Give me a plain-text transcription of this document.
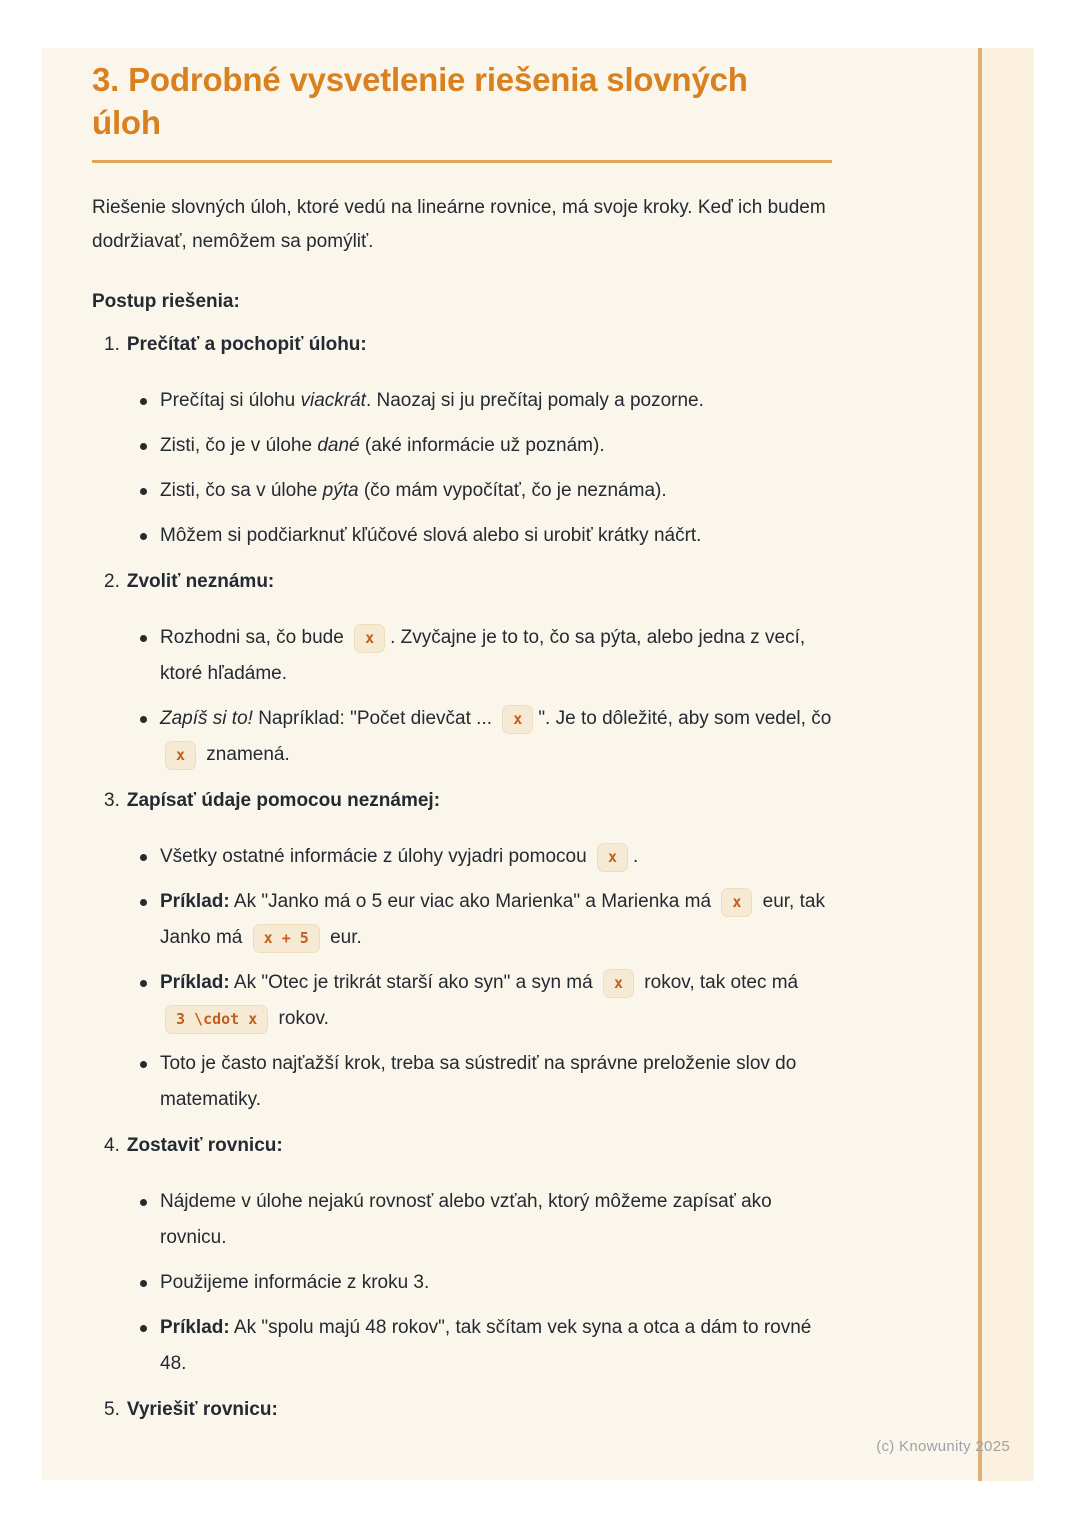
3. Podrobné vysvetlenie riešenia slovných úloh

Riešenie slovných úloh, ktoré vedú na lineárne rovnice, má svoje kroky. Keď ich budem dodržiavať, nemôžem sa pomýliť.

Postup riešenia:

1. Prečítať a pochopiť úlohu:
Prečítaj si úlohu viackrát. Naozaj si ju prečítaj pomaly a pozorne.
Zisti, čo je v úlohe dané (aké informácie už poznám).
Zisti, čo sa v úlohe pýta (čo mám vypočítať, čo je neznáma).
Môžem si podčiarknuť kľúčové slová alebo si urobiť krátky náčrt.
2. Zvoliť neznámu:
Rozhodni sa, čo bude x . Zvyčajne je to to, čo sa pýta, alebo jedna z vecí, ktoré hľadáme.
Zapíš si to! Napríklad: "Počet dievčat ... x ". Je to dôležité, aby som vedel, čo x znamená.
3. Zapísať údaje pomocou neznámej:
Všetky ostatné informácie z úlohy vyjadri pomocou x .
Príklad: Ak "Janko má o 5 eur viac ako Marienka" a Marienka má x eur, tak Janko má x + 5 eur.
Príklad: Ak "Otec je trikrát starší ako syn" a syn má x rokov, tak otec má 3 \cdot x rokov.
Toto je často najťažší krok, treba sa sústrediť na správne preloženie slov do matematiky.
4. Zostaviť rovnicu:
Nájdeme v úlohe nejakú rovnosť alebo vzťah, ktorý môžeme zapísať ako rovnicu.
Použijeme informácie z kroku 3.
Príklad: Ak "spolu majú 48 rokov", tak sčítam vek syna a otca a dám to rovné 48.
5. Vyriešiť rovnicu:
(c) Knowunity 2025
